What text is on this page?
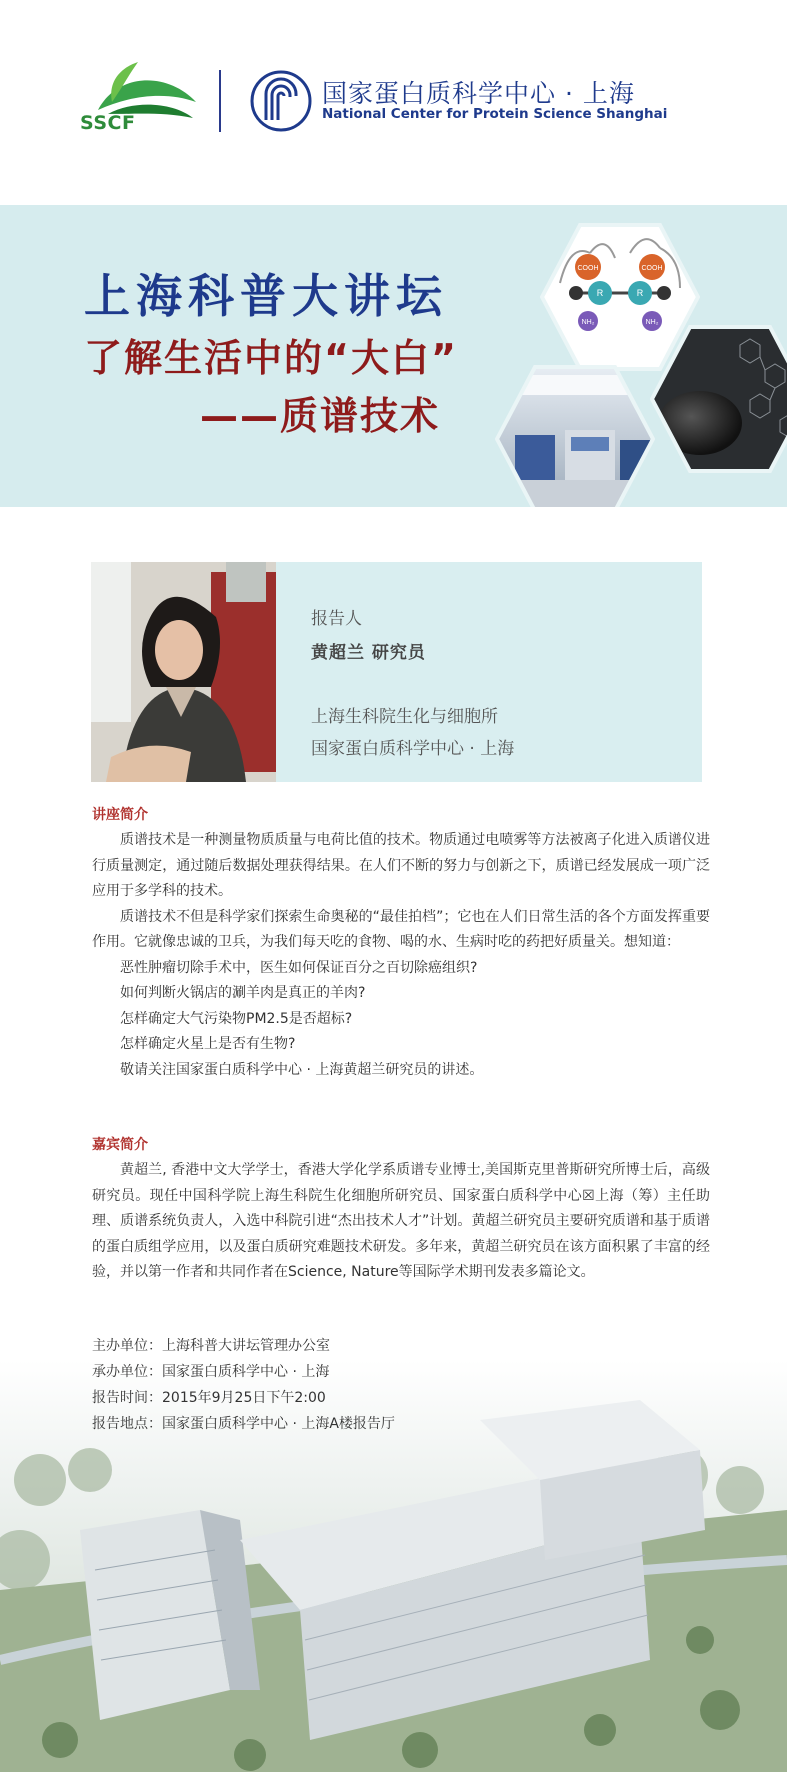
SSCF
国家蛋白质科学中心 · 上海
National Center for Protein Science Shanghai
上海科普大讲坛
了解生活中的“大白”
——质谱技术
COOH
R
NH₂
COOH
R
NH₂
报告人
黄超兰 研究员
上海生科院生化与细胞所
国家蛋白质科学中心 · 上海
讲座简介

质谱技术是一种测量物质质量与电荷比值的技术。物质通过电喷雾等方法被离子化进入质谱仪进行质量测定，通过随后数据处理获得结果。在人们不断的努力与创新之下，质谱已经发展成一项广泛应用于多学科的技术。

质谱技术不但是科学家们探索生命奥秘的“最佳拍档”；它也在人们日常生活的各个方面发挥重要作用。它就像忠诚的卫兵，为我们每天吃的食物、喝的水、生病时吃的药把好质量关。想知道：

恶性肿瘤切除手术中，医生如何保证百分之百切除癌组织?
如何判断火锅店的涮羊肉是真正的羊肉?
怎样确定大气污染物PM2.5是否超标?
怎样确定火星上是否有生物?
敬请关注国家蛋白质科学中心 · 上海黄超兰研究员的讲述。
嘉宾简介

黄超兰, 香港中文大学学士，香港大学化学系质谱专业博士,美国斯克里普斯研究所博士后，高级研究员。现任中国科学院上海生科院生化细胞所研究员、国家蛋白质科学中心☒上海（筹）主任助理、质谱系统负责人，入选中科院引进“杰出技术人才”计划。黄超兰研究员主要研究质谱和基于质谱的蛋白质组学应用，以及蛋白质研究难题技术研发。多年来，黄超兰研究员在该方面积累了丰富的经验，并以第一作者和共同作者在Science, Nature等国际学术期刊发表多篇论文。

主办单位：上海科普大讲坛管理办公室
承办单位：国家蛋白质科学中心 · 上海
报告时间：2015年9月25日下午2:00
报告地点：国家蛋白质科学中心 · 上海A楼报告厅
